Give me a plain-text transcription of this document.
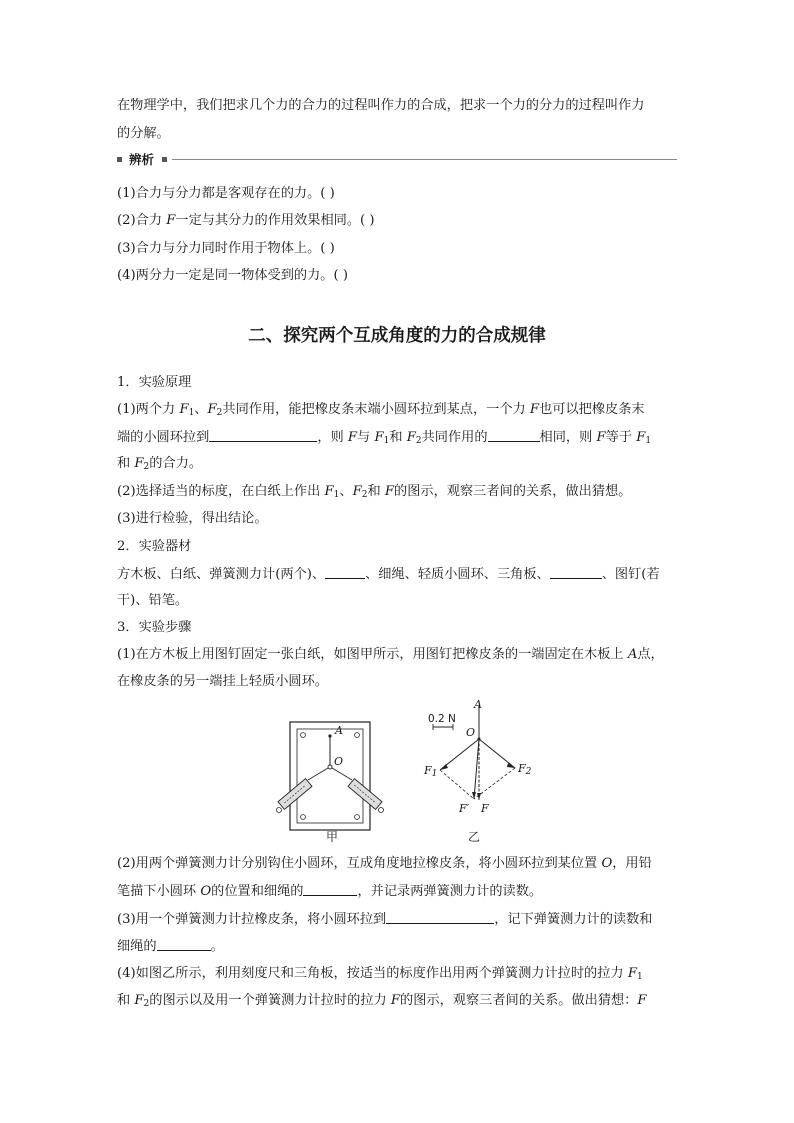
在物理学中，我们把求几个力的合力的过程叫作力的合成，把求一个力的分力的过程叫作力
的分解。
辨析
(1)合力与分力都是客观存在的力。( )
(2)合力 F一定与其分力的作用效果相同。( )
(3)合力与分力同时作用于物体上。( )
(4)两分力一定是同一物体受到的力。( )
二、探究两个互成角度的力的合成规律
1．实验原理
(1)两个力 $F_1$、$F_2$共同作用，能把橡皮条末端小圆环拉到某点，一个力 F也可以把橡皮条末
端的小圆环拉到	，则 F与 $F_1$和 $F_2$共同作用的	相同，则 F等于 $F_1$
和 $F_2$的合力。
(2)选择适当的标度，在白纸上作出 $F_1$、$F_2$和 F的图示，观察三者间的关系，做出猜想。
(3)进行检验，得出结论。
2．实验器材
方木板、白纸、弹簧测力计(两个)、	、细绳、轻质小圆环、三角板、	、图钉(若
干)、铅笔。
3．实验步骤
(1)在方木板上用图钉固定一张白纸，如图甲所示，用图钉把橡皮条的一端固定在木板上 A点，
在橡皮条的另一端挂上轻质小圆环。
A
O
甲
0.2 N
A
O
$F_1$	$F_2$
F′ F
乙
(2)用两个弹簧测力计分别钩住小圆环，互成角度地拉橡皮条，将小圆环拉到某位置 O，用铅
笔描下小圆环 O的位置和细绳的	，并记录两弹簧测力计的读数。
(3)用一个弹簧测力计拉橡皮条，将小圆环拉到	，记下弹簧测力计的读数和
细绳的	。
(4)如图乙所示，利用刻度尺和三角板，按适当的标度作出用两个弹簧测力计拉时的拉力 $F_1$
和 $F_2$的图示以及用一个弹簧测力计拉时的拉力 F的图示，观察三者间的关系。做出猜想：F
